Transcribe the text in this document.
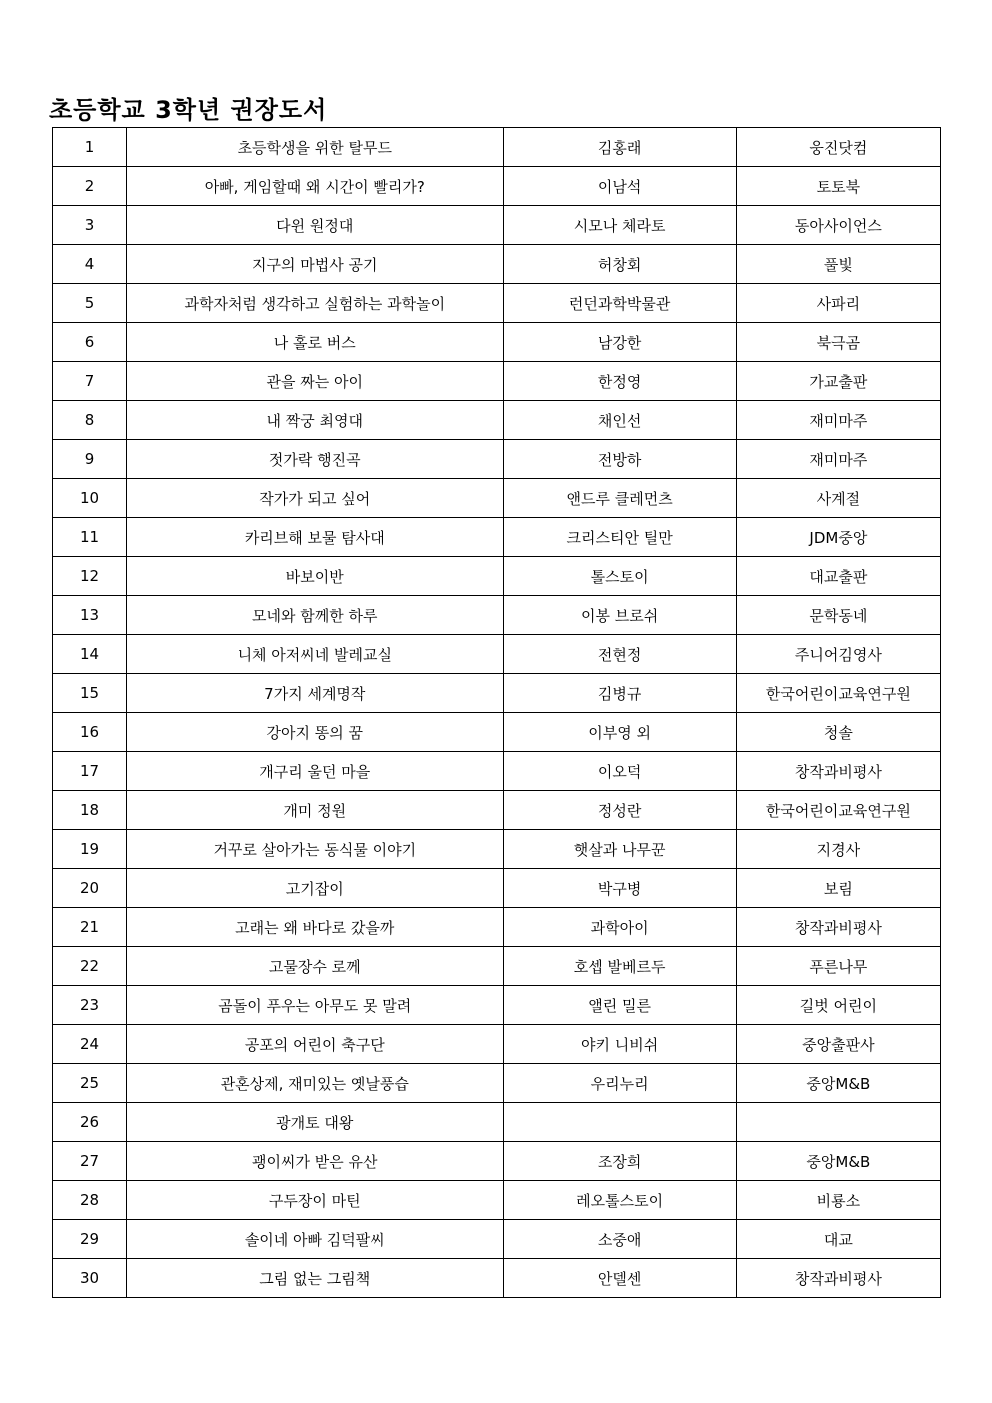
초등학교 3학년 권장도서
1	초등학생을 위한 탈무드	김홍래	웅진닷컴
2	아빠, 게임할때 왜 시간이 빨리가?	이남석	토토북
3	다윈 원정대	시모나 체라토	동아사이언스
4	지구의 마법사 공기	허창회	풀빛
5	과학자처럼 생각하고 실험하는 과학놀이	런던과학박물관	사파리
6	나 홀로 버스	남강한	북극곰
7	관을 짜는 아이	한정영	가교출판
8	내 짝궁 최영대	채인선	재미마주
9	젓가락 행진곡	전방하	재미마주
10	작가가 되고 싶어	앤드루 클레먼츠	사계절
11	카리브해 보물 탐사대	크리스티안 틸만	JDM중앙
12	바보이반	톨스토이	대교출판
13	모네와 함께한 하루	이봉 브로쉬	문학동네
14	니체 아저씨네 발레교실	전현정	주니어김영사
15	7가지 세계명작	김병규	한국어린이교육연구원
16	강아지 똥의 꿈	이부영 외	청솔
17	개구리 울던 마을	이오덕	창작과비평사
18	개미 정원	정성란	한국어린이교육연구원
19	거꾸로 살아가는 동식물 이야기	햇살과 나무꾼	지경사
20	고기잡이	박구병	보림
21	고래는 왜 바다로 갔을까	과학아이	창작과비평사
22	고물장수 로께	호셉 발베르두	푸른나무
23	곰돌이 푸우는 아무도 못 말려	앨린 밀른	길벗 어린이
24	공포의 어린이 축구단	야키 니비쉬	중앙출판사
25	관혼상제, 재미있는 옛날풍습	우리누리	중앙M&B
26	광개토 대왕		
27	괭이씨가 받은 유산	조장희	중앙M&B
28	구두장이 마틴	레오톨스토이	비룡소
29	솔이네 아빠 김덕팔씨	소중애	대교
30	그림 없는 그림책	안델센	창작과비평사
